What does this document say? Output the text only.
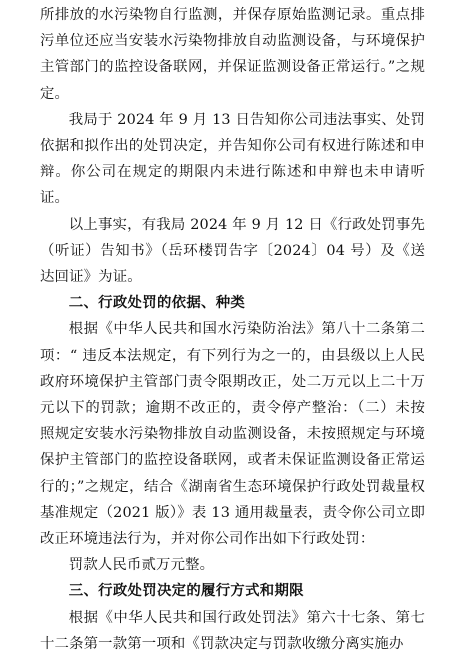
所排放的水污染物自行监测，并保存原始监测记录。重点排污单位还应当安装水污染物排放自动监测设备，与环境保护主管部门的监控设备联网，并保证监测设备正常运行。”之规定。

我局于 2024 年 9 月 13 日告知你公司违法事实、处罚依据和拟作出的处罚决定，并告知你公司有权进行陈述和申辩。你公司在规定的期限内未进行陈述和申辩也未申请听证。

以上事实，有我局 2024 年 9 月 12 日《行政处罚事先（听证）告知书》（岳环楼罚告字〔2024〕04 号）及《送达回证》为证。

二、行政处罚的依据、种类

根据《中华人民共和国水污染防治法》第八十二条第二项：“ 违反本法规定，有下列行为之一的，由县级以上人民政府环境保护主管部门责令限期改正，处二万元以上二十万元以下的罚款；逾期不改正的，责令停产整治：（二）未按照规定安装水污染物排放自动监测设备，未按照规定与环境保护主管部门的监控设备联网，或者未保证监测设备正常运行的；”之规定，结合《湖南省生态环境保护行政处罚裁量权基准规定（2021 版）》表 13 通用裁量表，责令你公司立即改正环境违法行为，并对你公司作出如下行政处罚：

罚款人民币贰万元整。

三、行政处罚决定的履行方式和期限

根据《中华人民共和国行政处罚法》第六十七条、第七十二条第一款第一项和《罚款决定与罚款收缴分离实施办
